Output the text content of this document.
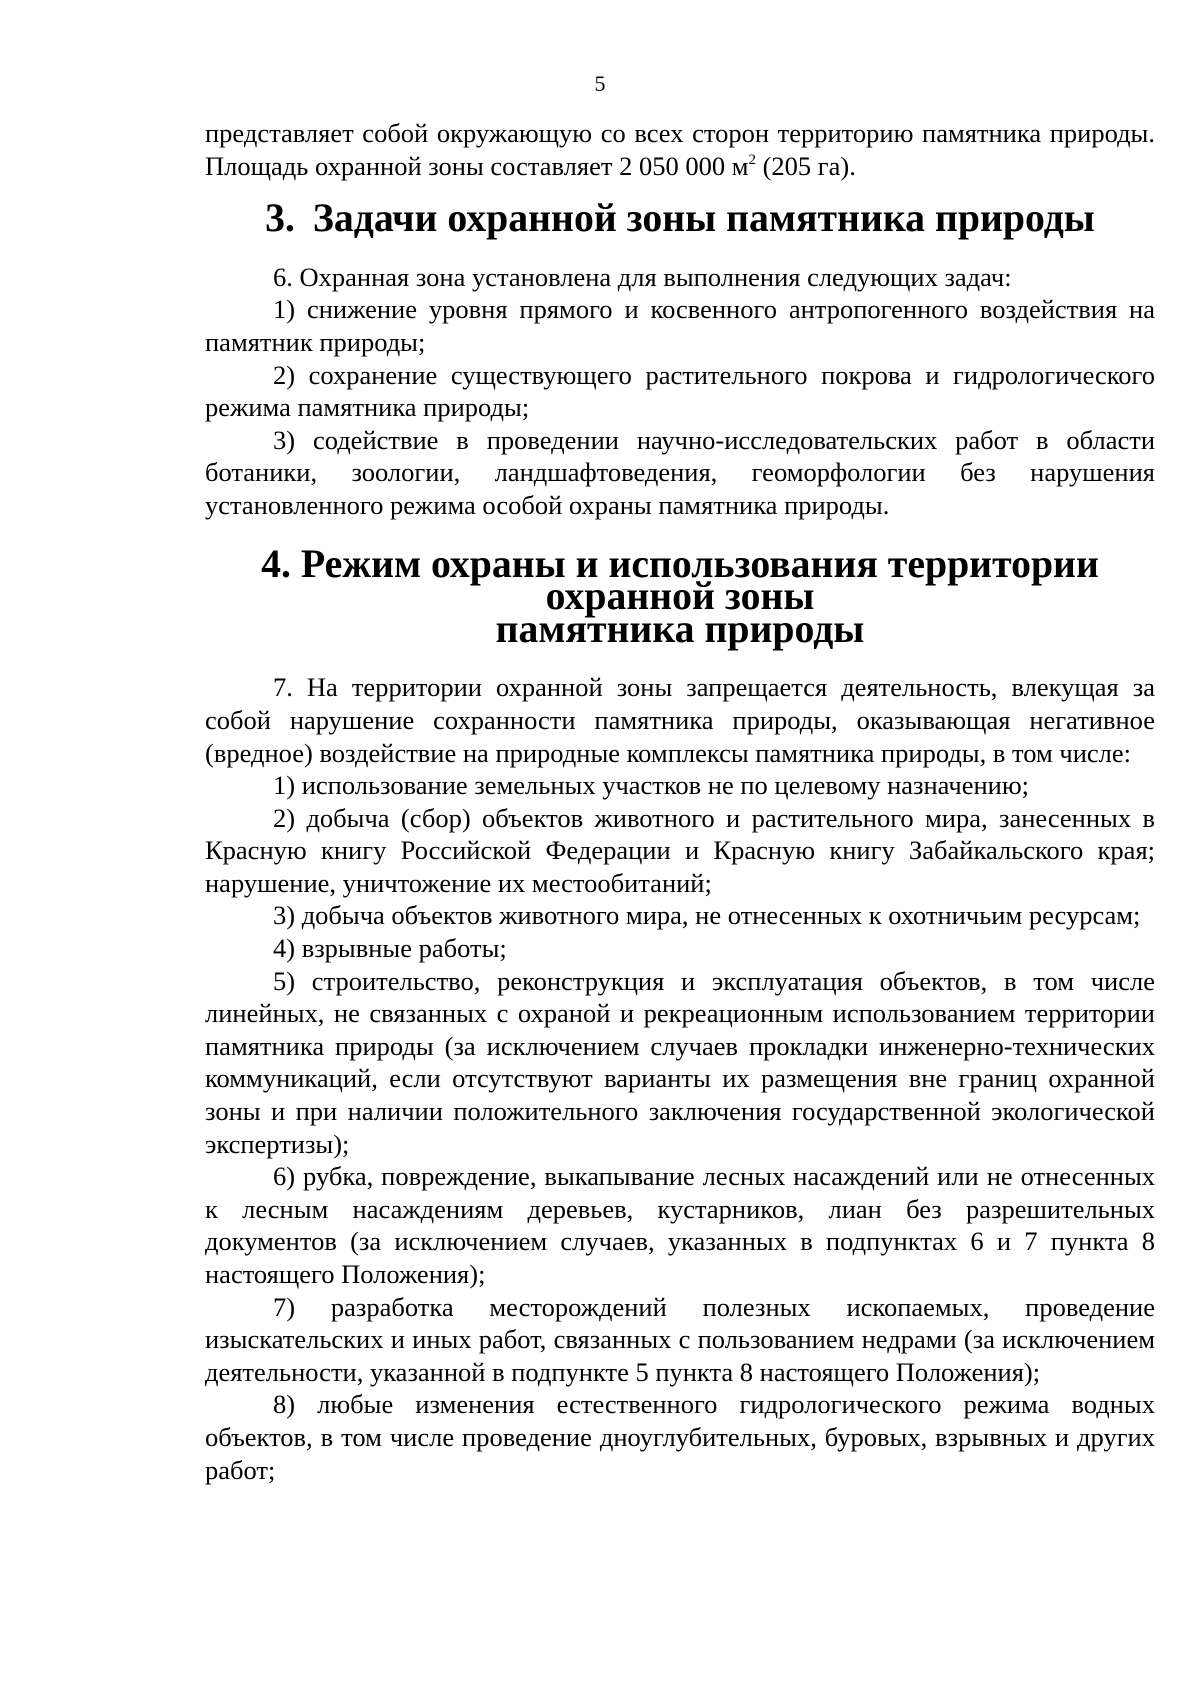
5

представляет собой окружающую со всех сторон территорию памятника природы. Площадь охранной зоны составляет 2 050 000 $м^2$ (205 га).

3. Задачи охранной зоны памятника природы

6. Охранная зона установлена для выполнения следующих задач:

1) снижение уровня прямого и косвенного антропогенного воздействия на памятник природы;

2) сохранение существующего растительного покрова и гидрологического режима памятника природы;

3) содействие в проведении научно-исследовательских работ в области ботаники, зоологии, ландшафтоведения, геоморфологии без нарушения установленного режима особой охраны памятника природы.

4. Режим охраны и использования территории охранной зоны
памятника природы

7. На территории охранной зоны запрещается деятельность, влекущая за собой нарушение сохранности памятника природы, оказывающая негативное (вредное) воздействие на природные комплексы памятника природы, в том числе:

1) использование земельных участков не по целевому назначению;

2) добыча (сбор) объектов животного и растительного мира, занесенных в Красную книгу Российской Федерации и Красную книгу Забайкальского края; нарушение, уничтожение их местообитаний;

3) добыча объектов животного мира, не отнесенных к охотничьим ресурсам;

4) взрывные работы;

5) строительство, реконструкция и эксплуатация объектов, в том числе линейных, не связанных с охраной и рекреационным использованием территории памятника природы (за исключением случаев прокладки инженерно-технических коммуникаций, если отсутствуют варианты их размещения вне границ охранной зоны и при наличии положительного заключения государственной экологической экспертизы);

6) рубка, повреждение, выкапывание лесных насаждений или не отнесенных к лесным насаждениям деревьев, кустарников, лиан без разрешительных документов (за исключением случаев, указанных в подпунктах 6 и 7 пункта 8 настоящего Положения);

7) разработка месторождений полезных ископаемых, проведение изыскательских и иных работ, связанных с пользованием недрами (за исключением деятельности, указанной в подпункте 5 пункта 8 настоящего Положения);

8) любые изменения естественного гидрологического режима водных объектов, в том числе проведение дноуглубительных, буровых, взрывных и других работ;
